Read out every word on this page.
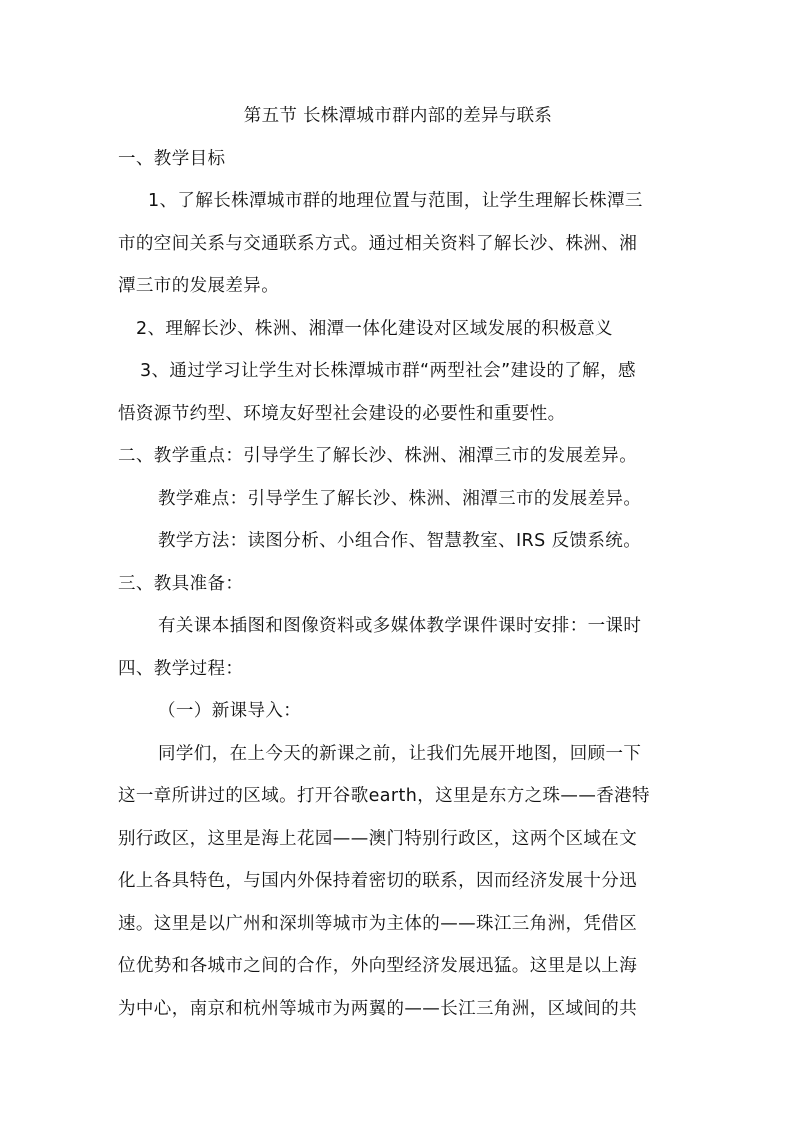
第五节 长株潭城市群内部的差异与联系
一、教学目标
1、了解长株潭城市群的地理位置与范围，让学生理解长株潭三
市的空间关系与交通联系方式。通过相关资料了解长沙、株洲、湘
潭三市的发展差异。
2、理解长沙、株洲、湘潭一体化建设对区域发展的积极意义
3、通过学习让学生对长株潭城市群“两型社会”建设的了解，感
悟资源节约型、环境友好型社会建设的必要性和重要性。
二、教学重点：引导学生了解长沙、株洲、湘潭三市的发展差异。
教学难点：引导学生了解长沙、株洲、湘潭三市的发展差异。
教学方法：读图分析、小组合作、智慧教室、IRS 反馈系统。
三、教具准备：
有关课本插图和图像资料或多媒体教学课件课时安排：一课时
四、教学过程：
（一）新课导入：
同学们，在上今天的新课之前，让我们先展开地图，回顾一下
这一章所讲过的区域。打开谷歌earth，这里是东方之珠——香港特
别行政区，这里是海上花园——澳门特别行政区，这两个区域在文
化上各具特色，与国内外保持着密切的联系，因而经济发展十分迅
速。这里是以广州和深圳等城市为主体的——珠江三角洲，凭借区
位优势和各城市之间的合作，外向型经济发展迅猛。这里是以上海
为中心，南京和杭州等城市为两翼的——长江三角洲，区域间的共
